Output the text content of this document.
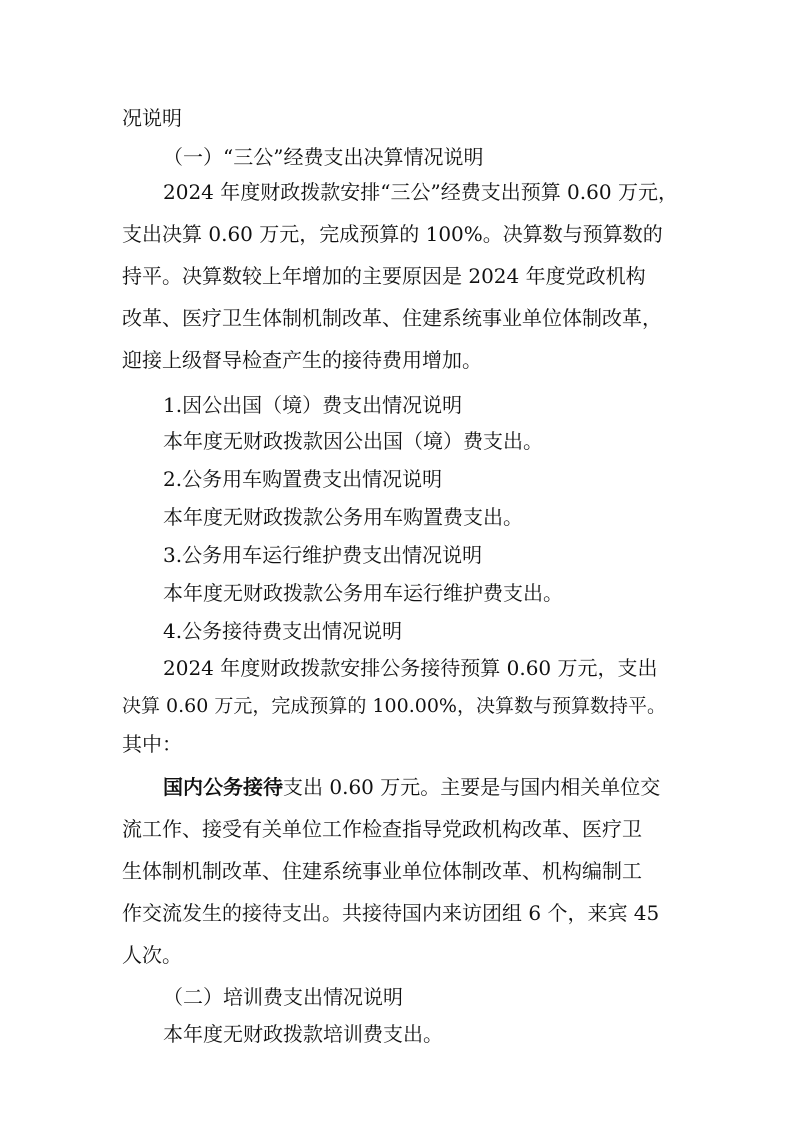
况说明
（一）“三公”经费支出决算情况说明
2024 年度财政拨款安排“三公”经费支出预算 0.60 万元，
支出决算 0.60 万元，完成预算的 100%。决算数与预算数的
持平。决算数较上年增加的主要原因是 2024 年度党政机构
改革、医疗卫生体制机制改革、住建系统事业单位体制改革，
迎接上级督导检查产生的接待费用增加。
1.因公出国（境）费支出情况说明
本年度无财政拨款因公出国（境）费支出。
2.公务用车购置费支出情况说明
本年度无财政拨款公务用车购置费支出。
3.公务用车运行维护费支出情况说明
本年度无财政拨款公务用车运行维护费支出。
4.公务接待费支出情况说明
2024 年度财政拨款安排公务接待预算 0.60 万元，支出
决算 0.60 万元，完成预算的 100.00%，决算数与预算数持平。
其中：
国内公务接待支出 0.60 万元。主要是与国内相关单位交
流工作、接受有关单位工作检查指导党政机构改革、医疗卫
生体制机制改革、住建系统事业单位体制改革、机构编制工
作交流发生的接待支出。共接待国内来访团组 6 个，来宾 45
人次。
（二）培训费支出情况说明
本年度无财政拨款培训费支出。
